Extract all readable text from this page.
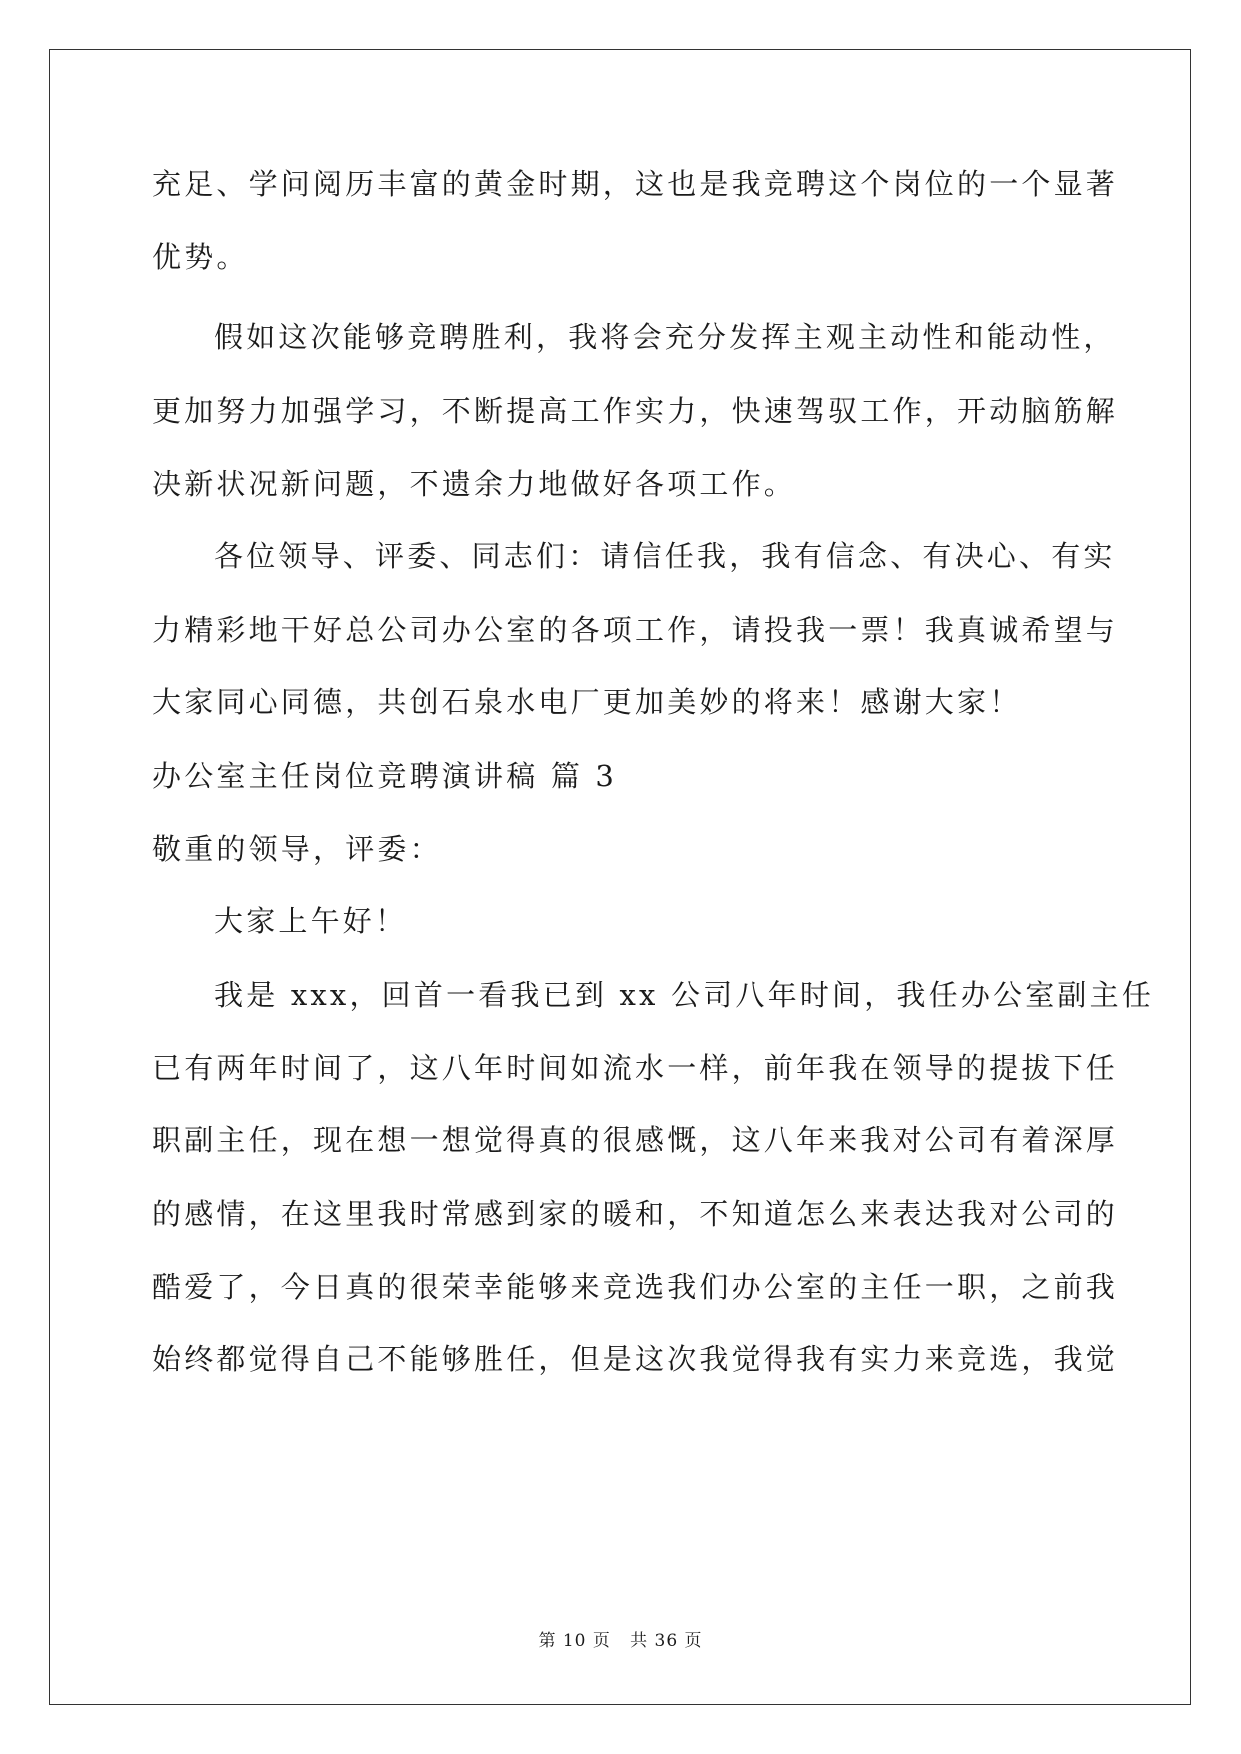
充足、学问阅历丰富的黄金时期，这也是我竞聘这个岗位的一个显著
优势。
假如这次能够竞聘胜利，我将会充分发挥主观主动性和能动性，
更加努力加强学习，不断提高工作实力，快速驾驭工作，开动脑筋解
决新状况新问题，不遗余力地做好各项工作。
各位领导、评委、同志们：请信任我，我有信念、有决心、有实
力精彩地干好总公司办公室的各项工作，请投我一票！我真诚希望与
大家同心同德，共创石泉水电厂更加美妙的将来！感谢大家！
办公室主任岗位竞聘演讲稿 篇 3
敬重的领导，评委：
大家上午好！
我是 xxx，回首一看我已到 xx 公司八年时间，我任办公室副主任
已有两年时间了，这八年时间如流水一样，前年我在领导的提拔下任
职副主任，现在想一想觉得真的很感慨，这八年来我对公司有着深厚
的感情，在这里我时常感到家的暖和，不知道怎么来表达我对公司的
酷爱了，今日真的很荣幸能够来竞选我们办公室的主任一职，之前我
始终都觉得自己不能够胜任，但是这次我觉得我有实力来竞选，我觉
第 10 页 共 36 页
